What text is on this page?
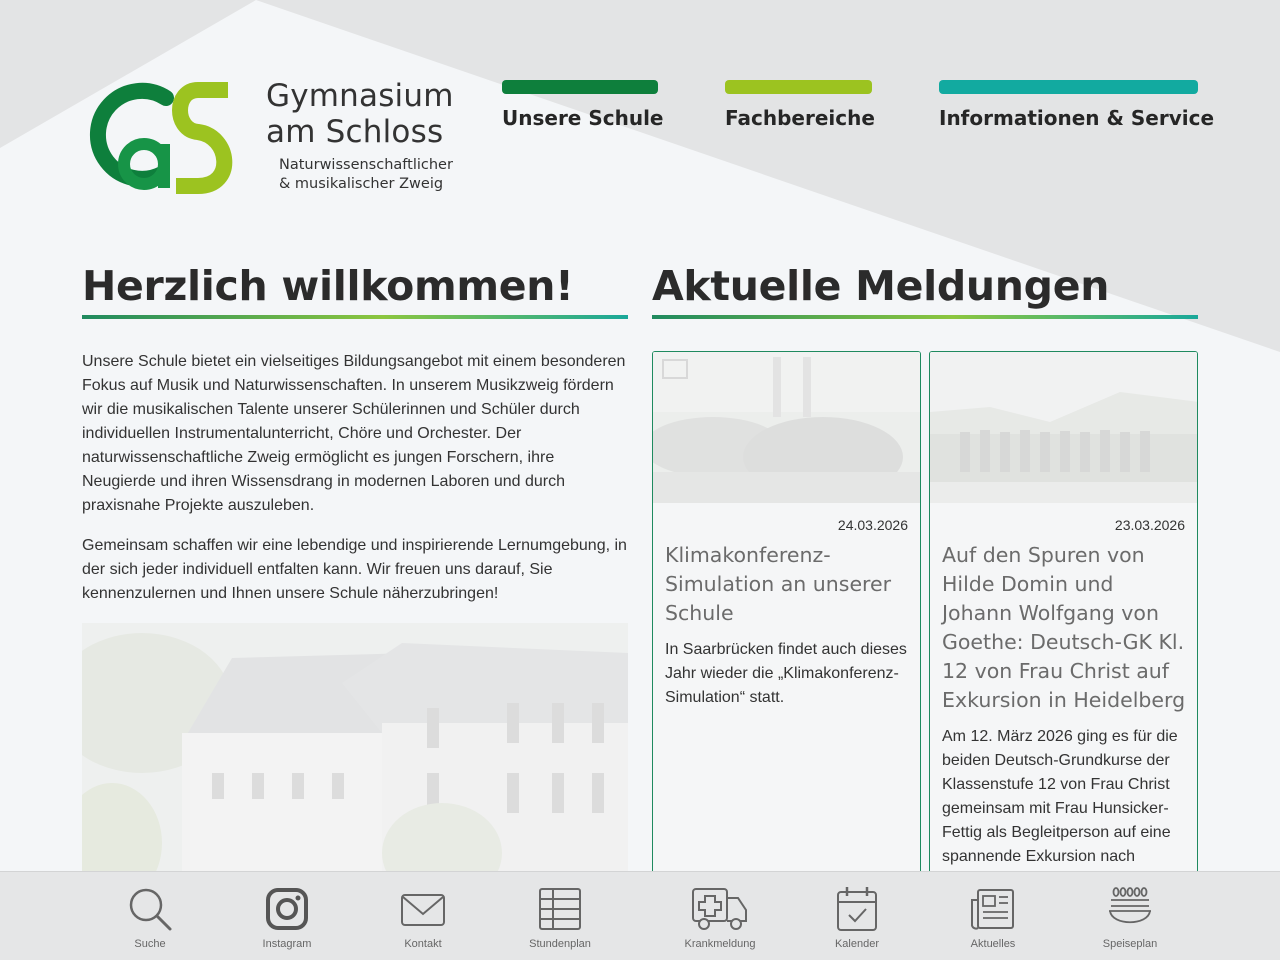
Gymnasium
am Schloss
Naturwissenschaftlicher
& musikalischer Zweig
Unsere Schule	Fachbereiche	Informationen & Service
Herzlich willkommen!

Unsere Schule bietet ein vielseitiges Bildungsangebot mit einem besonderen Fokus auf Musik und Naturwissenschaften. In unserem Musikzweig fördern wir die musikalischen Talente unserer Schülerinnen und Schüler durch individuellen Instrumentalunterricht, Chöre und Orchester. Der naturwissenschaftliche Zweig ermöglicht es jungen Forschern, ihre Neugierde und ihren Wissensdrang in modernen Laboren und durch praxisnahe Projekte auszuleben.

Gemeinsam schaffen wir eine lebendige und inspirierende Lernumgebung, in der sich jeder individuell entfalten kann. Wir freuen uns darauf, Sie kennenzulernen und Ihnen unsere Schule näherzubringen!

Aktuelle Meldungen
24.03.2026
Klimakonferenz-Simulation an unserer Schule
In Saarbrücken findet auch dieses Jahr wieder die „Klimakonferenz-Simulation“ statt.
23.03.2026
Auf den Spuren von Hilde Domin und Johann Wolfgang von Goethe: Deutsch-GK Kl. 12 von Frau Christ auf Exkursion in Heidelberg
Am 12. März 2026 ging es für die beiden Deutsch-Grundkurse der Klassenstufe 12 von Frau Christ gemeinsam mit Frau Hunsicker-Fettig als Begleitperson auf eine spannende Exkursion nach
Suche	Instagram	Kontakt	Stundenplan	Krankmeldung	Kalender	Aktuelles	Speiseplan
